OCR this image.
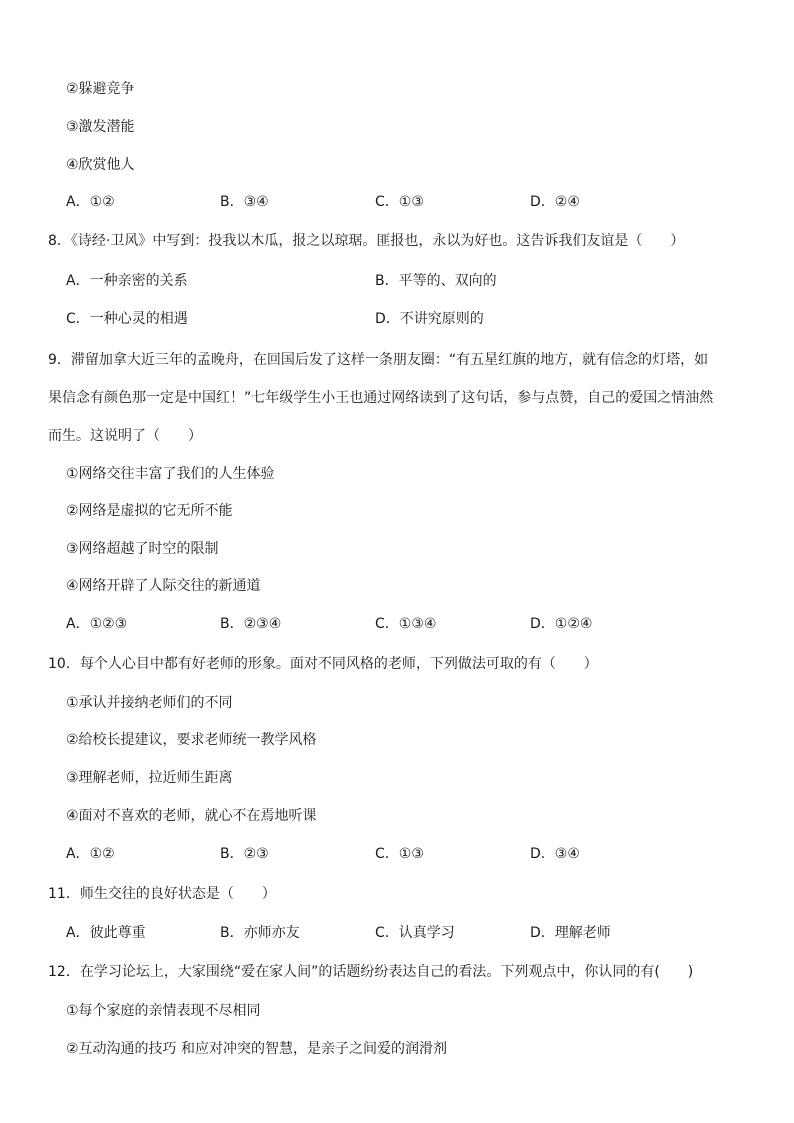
②躲避竞争
③激发潜能
④欣赏他人
A．①②	B．③④	C．①③	D．②④
8．《诗经·卫风》中写到：投我以木瓜，报之以琼琚。匪报也，永以为好也。这告诉我们友谊是（　　）
A．一种亲密的关系	B．平等的、双向的
C．一种心灵的相遇	D．不讲究原则的
9．滞留加拿大近三年的孟晚舟，在回国后发了这样一条朋友圈：“有五星红旗的地方，就有信念的灯塔，如
果信念有颜色那一定是中国红！”七年级学生小王也通过网络读到了这句话，参与点赞，自己的爱国之情油然
而生。这说明了（　　）
①网络交往丰富了我们的人生体验
②网络是虚拟的它无所不能
③网络超越了时空的限制
④网络开辟了人际交往的新通道
A．①②③	B．②③④	C．①③④	D．①②④
10．每个人心目中都有好老师的形象。面对不同风格的老师，下列做法可取的有（　　）
①承认并接纳老师们的不同
②给校长提建议，要求老师统一教学风格
③理解老师，拉近师生距离
④面对不喜欢的老师，就心不在焉地听课
A．①②	B．②③	C．①③	D．③④
11．师生交往的良好状态是（　　）
A．彼此尊重	B．亦师亦友	C．认真学习	D．理解老师
12．在学习论坛上，大家围绕“爱在家人间”的话题纷纷表达自己的看法。下列观点中，你认同的有(　　)
①每个家庭的亲情表现不尽相同
②互动沟通的技巧 和应对冲突的智慧，是亲子之间爱的润滑剂
